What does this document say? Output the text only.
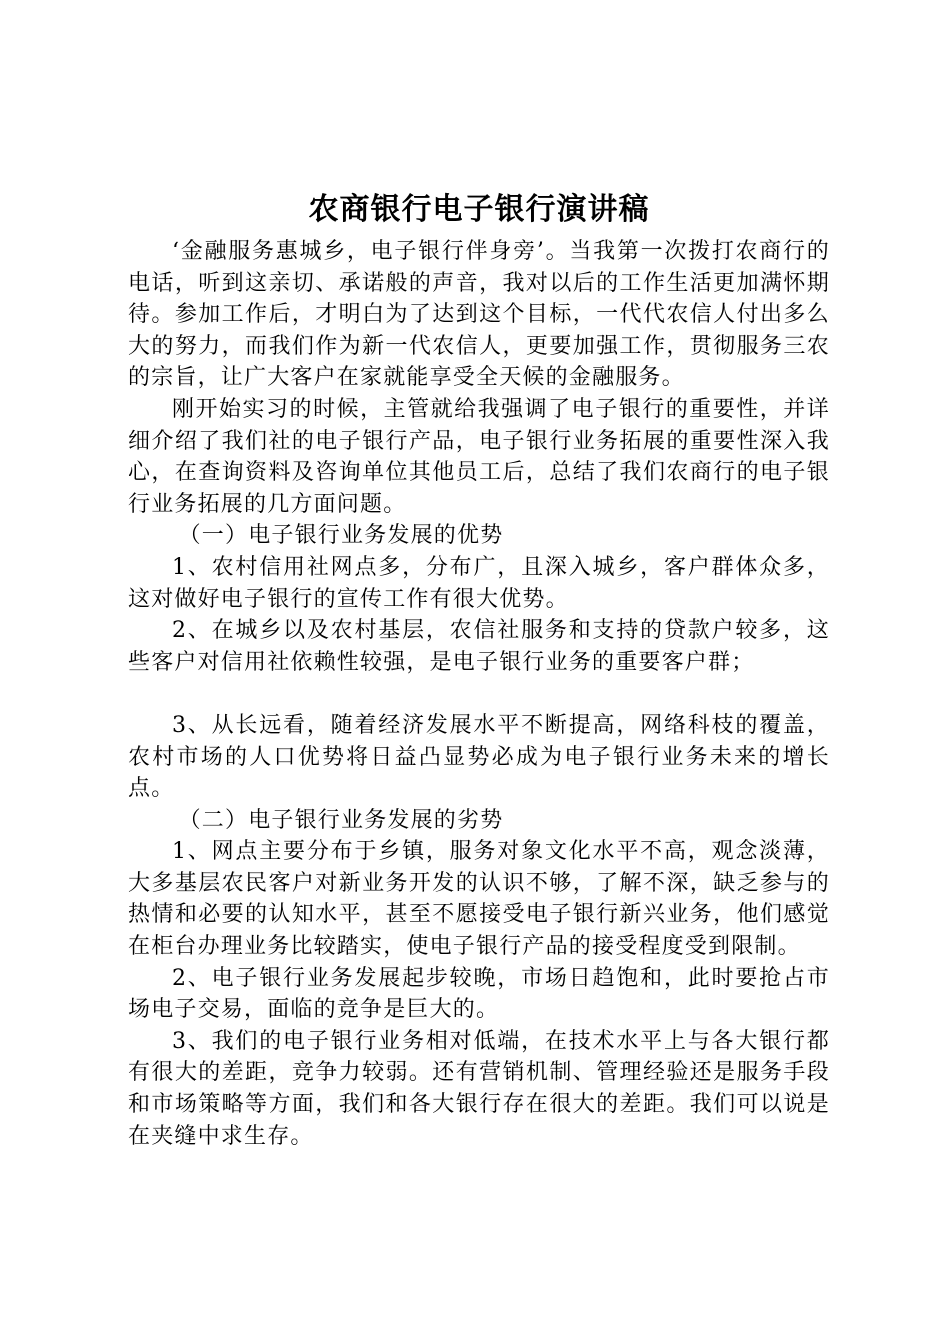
农商银行电子银行演讲稿

‘金融服务惠城乡，电子银行伴身旁’。当我第一次拨打农商行的电话，听到这亲切、承诺般的声音，我对以后的工作生活更加满怀期待。参加工作后，才明白为了达到这个目标，一代代农信人付出多么大的努力，而我们作为新一代农信人，更要加强工作，贯彻服务三农的宗旨，让广大客户在家就能享受全天候的金融服务。

刚开始实习的时候，主管就给我强调了电子银行的重要性，并详细介绍了我们社的电子银行产品，电子银行业务拓展的重要性深入我心，在查询资料及咨询单位其他员工后，总结了我们农商行的电子银行业务拓展的几方面问题。

（一）电子银行业务发展的优势

1、农村信用社网点多，分布广，且深入城乡，客户群体众多，这对做好电子银行的宣传工作有很大优势。

2、在城乡以及农村基层，农信社服务和支持的贷款户较多，这些客户对信用社依赖性较强，是电子银行业务的重要客户群；

3、从长远看，随着经济发展水平不断提高，网络科枝的覆盖，农村市场的人口优势将日益凸显势必成为电子银行业务未来的增长点。

（二）电子银行业务发展的劣势

1、网点主要分布于乡镇，服务对象文化水平不高，观念淡薄，大多基层农民客户对新业务开发的认识不够，了解不深，缺乏参与的热情和必要的认知水平，甚至不愿接受电子银行新兴业务，他们感觉在柜台办理业务比较踏实，使电子银行产品的接受程度受到限制。

2、电子银行业务发展起步较晚，市场日趋饱和，此时要抢占市场电子交易，面临的竞争是巨大的。

3、我们的电子银行业务相对低端，在技术水平上与各大银行都有很大的差距，竞争力较弱。还有营销机制、管理经验还是服务手段和市场策略等方面，我们和各大银行存在很大的差距。我们可以说是在夹缝中求生存。
